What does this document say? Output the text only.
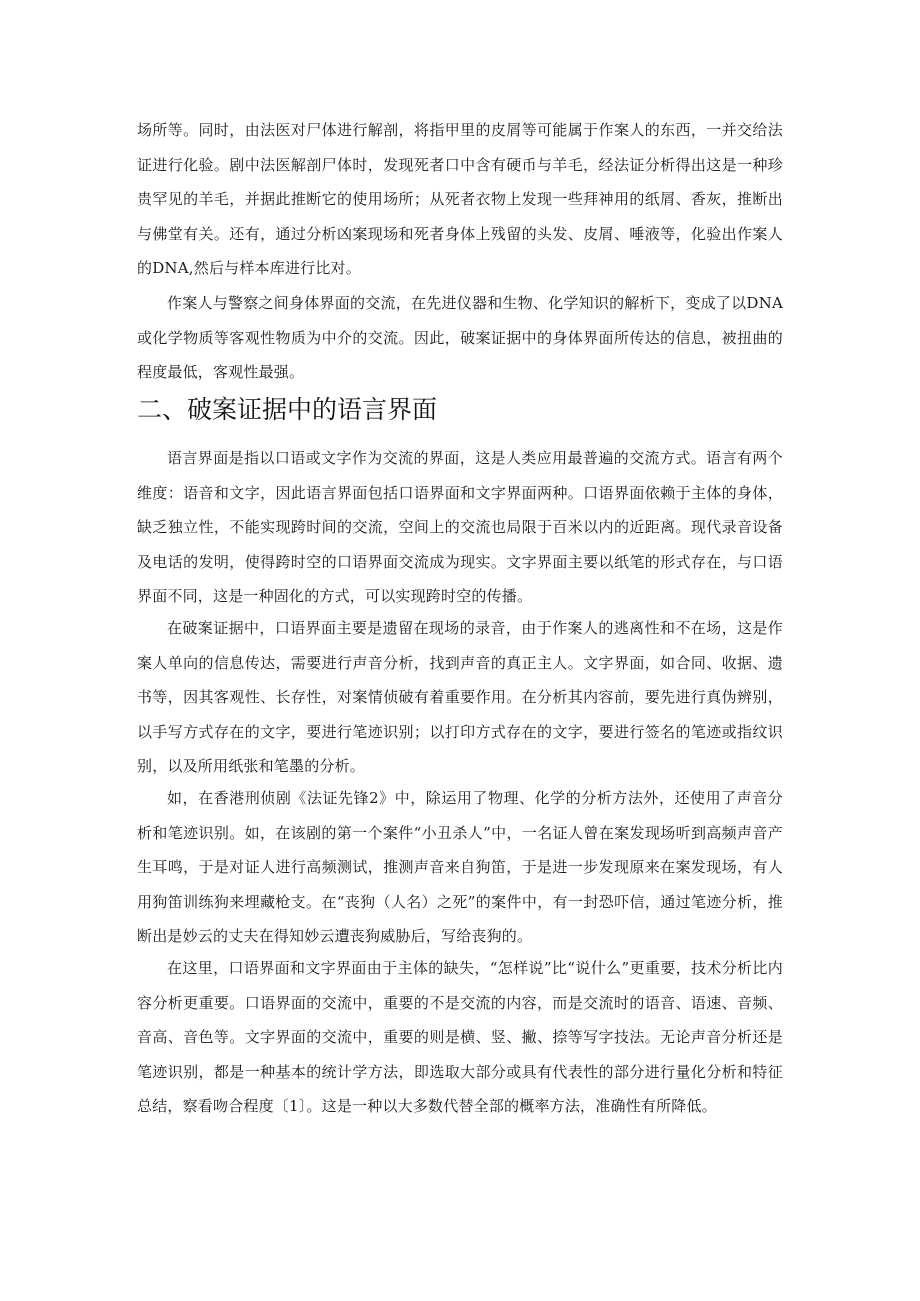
场所等。同时，由法医对尸体进行解剖，将指甲里的皮屑等可能属于作案人的东西，一并交给法证进行化验。剧中法医解剖尸体时，发现死者口中含有硬币与羊毛，经法证分析得出这是一种珍贵罕见的羊毛，并据此推断它的使用场所；从死者衣物上发现一些拜神用的纸屑、香灰，推断出与佛堂有关。还有，通过分析凶案现场和死者身体上残留的头发、皮屑、唾液等，化验出作案人的DNA,然后与样本库进行比对。

作案人与警察之间身体界面的交流，在先进仪器和生物、化学知识的解析下，变成了以DNA或化学物质等客观性物质为中介的交流。因此，破案证据中的身体界面所传达的信息，被扭曲的程度最低，客观性最强。

二、破案证据中的语言界面

语言界面是指以口语或文字作为交流的界面，这是人类应用最普遍的交流方式。语言有两个维度：语音和文字，因此语言界面包括口语界面和文字界面两种。口语界面依赖于主体的身体，缺乏独立性，不能实现跨时间的交流，空间上的交流也局限于百米以内的近距离。现代录音设备及电话的发明，使得跨时空的口语界面交流成为现实。文字界面主要以纸笔的形式存在，与口语界面不同，这是一种固化的方式，可以实现跨时空的传播。

在破案证据中，口语界面主要是遗留在现场的录音，由于作案人的逃离性和不在场，这是作案人单向的信息传达，需要进行声音分析，找到声音的真正主人。文字界面，如合同、收据、遗书等，因其客观性、长存性，对案情侦破有着重要作用。在分析其内容前，要先进行真伪辨别，以手写方式存在的文字，要进行笔迹识别；以打印方式存在的文字，要进行签名的笔迹或指纹识别，以及所用纸张和笔墨的分析。

如，在香港刑侦剧《法证先锋2》中，除运用了物理、化学的分析方法外，还使用了声音分析和笔迹识别。如，在该剧的第一个案件“小丑杀人”中，一名证人曾在案发现场听到高频声音产生耳鸣，于是对证人进行高频测试，推测声音来自狗笛，于是进一步发现原来在案发现场，有人用狗笛训练狗来埋藏枪支。在“丧狗（人名）之死”的案件中，有一封恐吓信，通过笔迹分析，推断出是妙云的丈夫在得知妙云遭丧狗威胁后，写给丧狗的。

在这里，口语界面和文字界面由于主体的缺失，“怎样说”比“说什么”更重要，技术分析比内容分析更重要。口语界面的交流中，重要的不是交流的内容，而是交流时的语音、语速、音频、音高、音色等。文字界面的交流中，重要的则是横、竖、撇、捺等写字技法。无论声音分析还是笔迹识别，都是一种基本的统计学方法，即选取大部分或具有代表性的部分进行量化分析和特征总结，察看吻合程度〔1〕。这是一种以大多数代替全部的概率方法，准确性有所降低。
